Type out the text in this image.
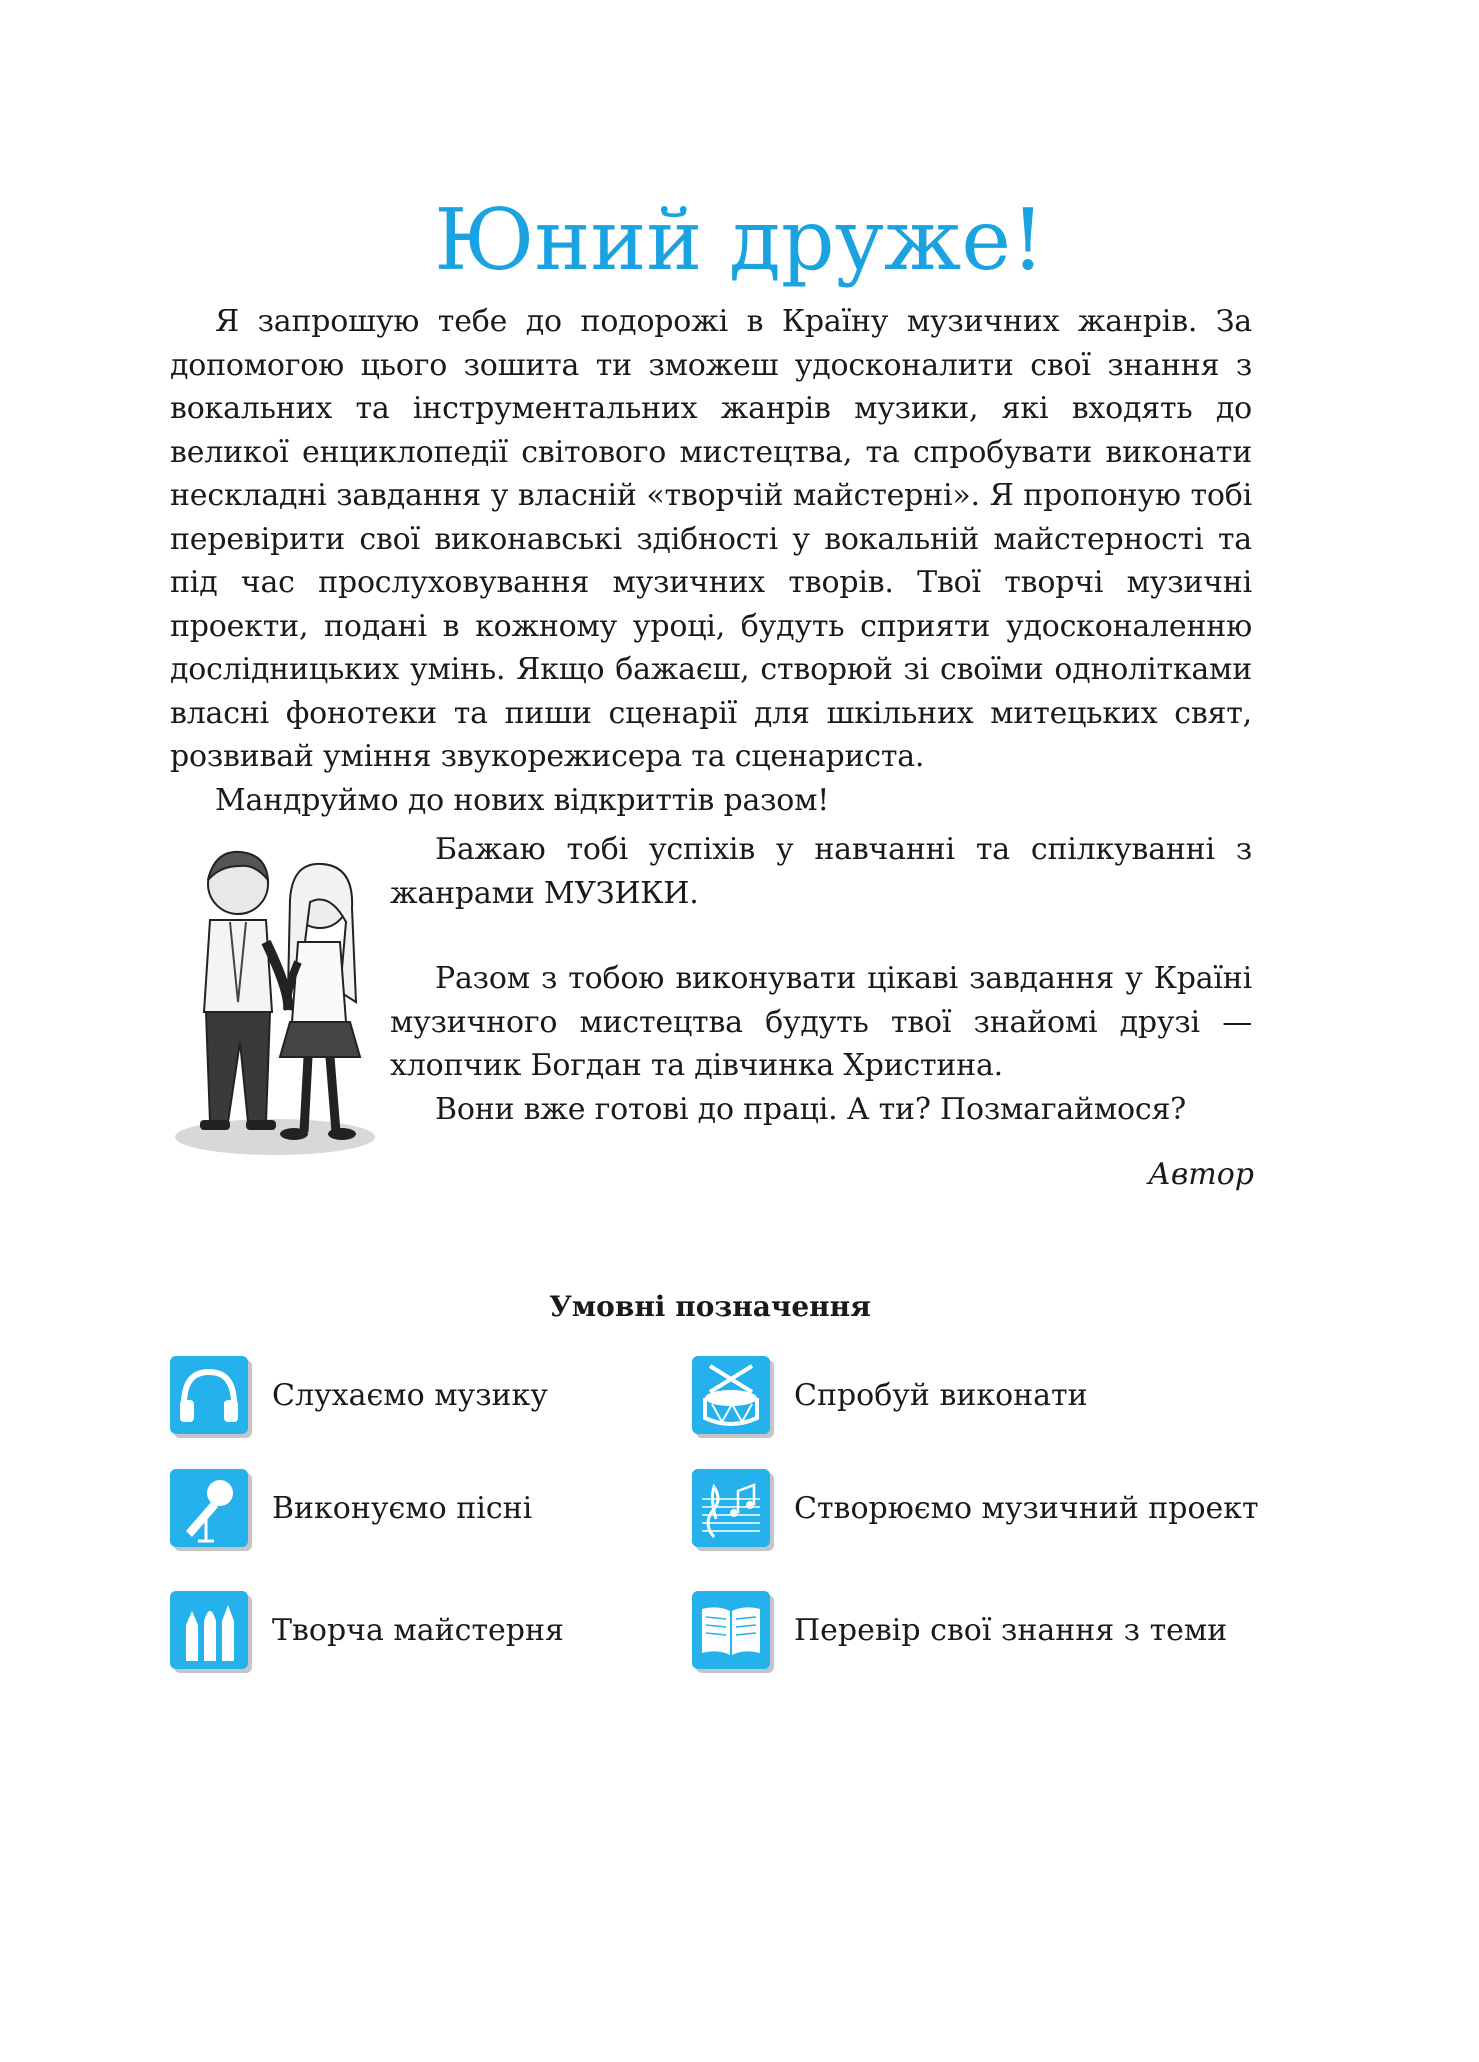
Юний друже!

Я запрошую тебе до подорожі в Країну музичних жанрів. За допомогою цього зошита ти зможеш удосконалити свої знання з вокальних та інструментальних жанрів музики, які входять до великої енциклопедії світового мистецтва, та спробувати виконати нескладні завдання у власній «творчій майстерні». Я пропоную тобі перевірити свої виконавські здібності у вокальній майстерності та під час прослуховування музичних творів. Твої творчі музичні проекти, подані в кожному уроці, будуть сприяти удосконаленню дослідницьких умінь. Якщо бажаєш, створюй зі своїми однолітками власні фонотеки та пиши сценарії для шкільних митецьких свят, розвивай уміння звукорежисера та сценариста.

Мандруймо до нових відкриттів разом!

Бажаю тобі успіхів у навчанні та спілкуванні з жанрами МУЗИКИ.

Разом з тобою виконувати цікаві завдання у Країні музичного мистецтва будуть твої знайомі друзі — хлопчик Богдан та дівчинка Христина.

Вони вже готові до праці. А ти? Позмагаймося?

Автор
Умовні позначення
Слухаємо музику	Спробуй виконати
Виконуємо пісні	Створюємо музичний проект
Творча майстерня	Перевір свої знання з теми
